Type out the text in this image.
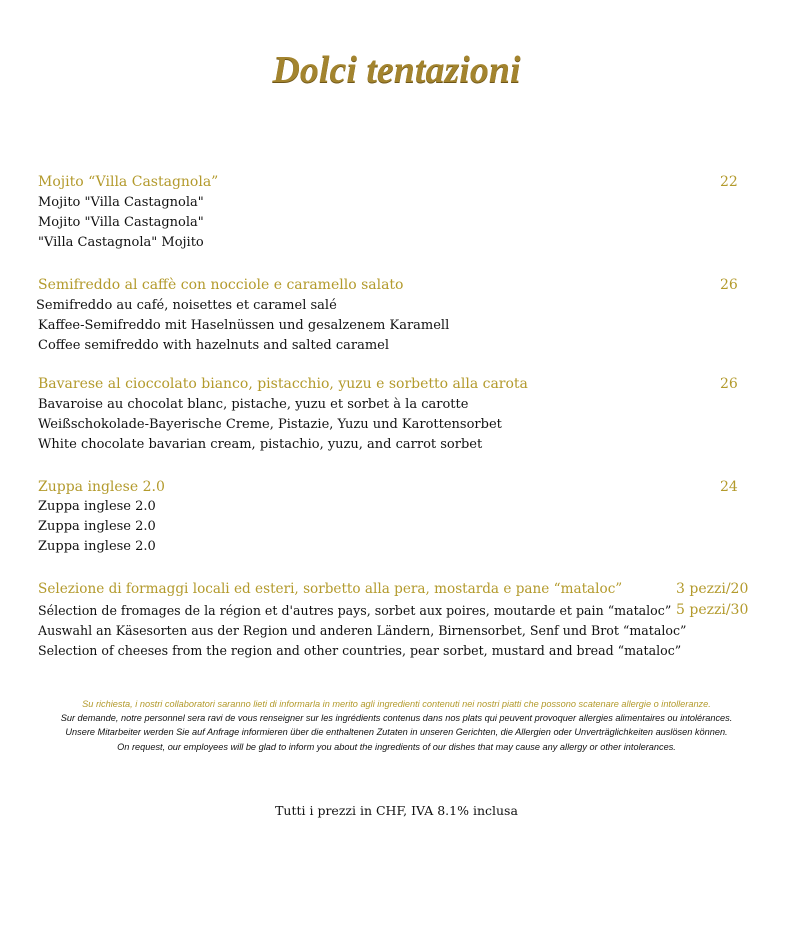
Dolci tentazioni
Mojito “Villa Castagnola”	22
Mojito "Villa Castagnola"
Mojito "Villa Castagnola"
"Villa Castagnola" Mojito
Semifreddo al caffè con nocciole e caramello salato	26
Semifreddo au café, noisettes et caramel salé
Kaffee-Semifreddo mit Haselnüssen und gesalzenem Karamell
Coffee semifreddo with hazelnuts and salted caramel
Bavarese al cioccolato bianco, pistacchio, yuzu e sorbetto alla carota	26
Bavaroise au chocolat blanc, pistache, yuzu et sorbet à la carotte
Weißschokolade-Bayerische Creme, Pistazie, Yuzu und Karottensorbet
White chocolate bavarian cream, pistachio, yuzu, and carrot sorbet
Zuppa inglese 2.0	24
Zuppa inglese 2.0
Zuppa inglese 2.0
Zuppa inglese 2.0
Selezione di formaggi locali ed esteri, sorbetto alla pera, mostarda e pane “mataloc”	3 pezzi/20
5 pezzi/30
Sélection de fromages de la région et d'autres pays, sorbet aux poires, moutarde et pain “mataloc”
Auswahl an Käsesorten aus der Region und anderen Ländern, Birnensorbet, Senf und Brot “mataloc”
Selection of cheeses from the region and other countries, pear sorbet, mustard and bread “mataloc”
Su richiesta, i nostri collaboratori saranno lieti di informarla in merito agli ingredienti contenuti nei nostri piatti che possono scatenare allergie o intolleranze.
Sur demande, notre personnel sera ravi de vous renseigner sur les ingrédients contenus dans nos plats qui peuvent provoquer allergies alimentaires ou intolérances.
Unsere Mitarbeiter werden Sie auf Anfrage informieren über die enthaltenen Zutaten in unseren Gerichten, die Allergien oder Unverträglichkeiten auslösen können.
On request, our employees will be glad to inform you about the ingredients of our dishes that may cause any allergy or other intolerances.
Tutti i prezzi in CHF, IVA 8.1% inclusa
